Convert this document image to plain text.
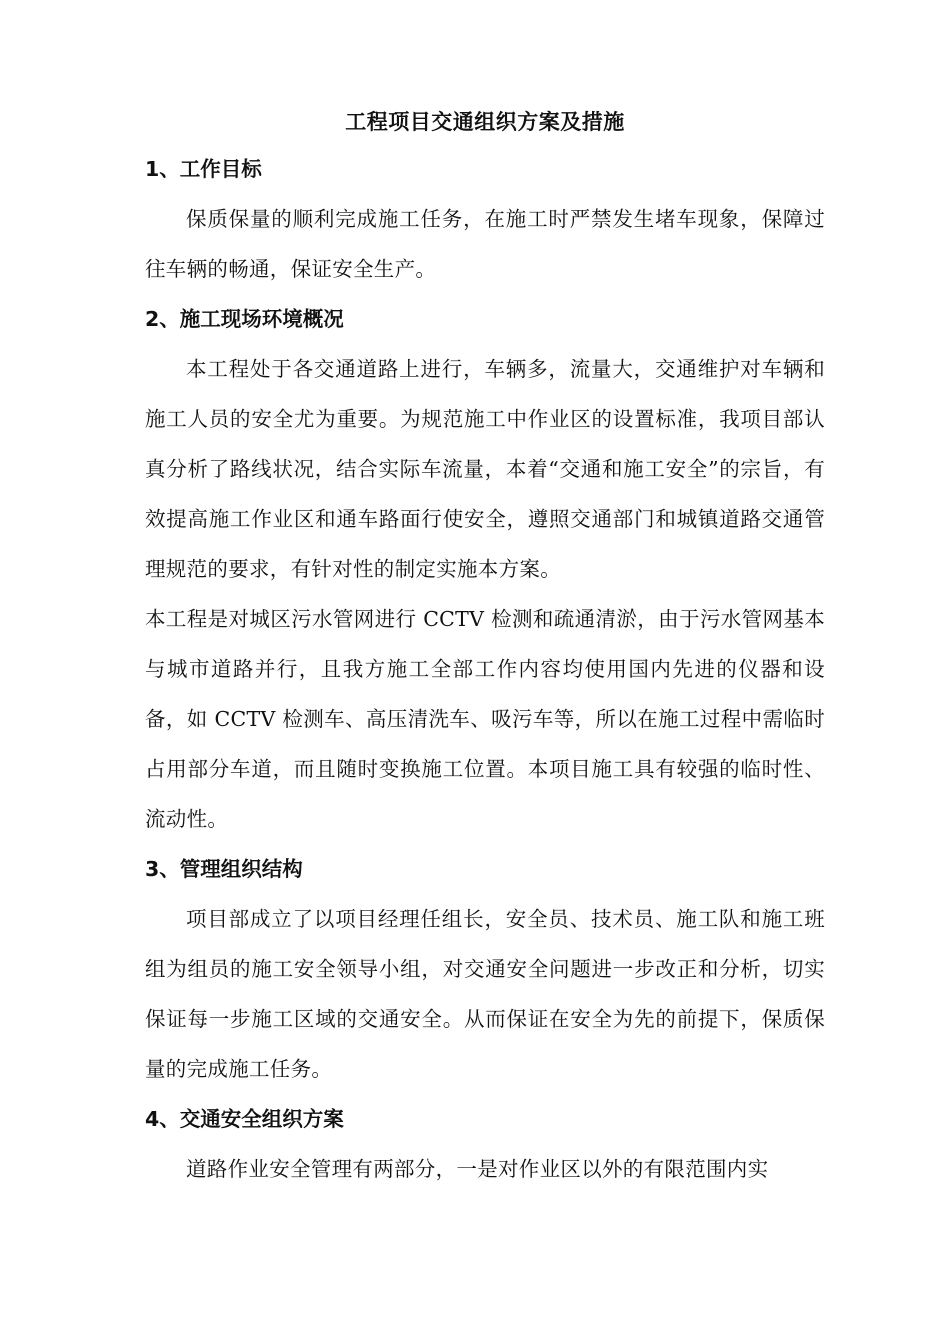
工程项目交通组织方案及措施
1、工作目标

保质保量的顺利完成施工任务，在施工时严禁发生堵车现象，保障过往车辆的畅通，保证安全生产。

2、施工现场环境概况

本工程处于各交通道路上进行，车辆多，流量大，交通维护对车辆和施工人员的安全尤为重要。为规范施工中作业区的设置标准，我项目部认真分析了路线状况，结合实际车流量，本着“交通和施工安全”的宗旨，有效提高施工作业区和通车路面行使安全，遵照交通部门和城镇道路交通管理规范的要求，有针对性的制定实施本方案。

本工程是对城区污水管网进行 CCTV 检测和疏通清淤，由于污水管网基本与城市道路并行，且我方施工全部工作内容均使用国内先进的仪器和设备，如 CCTV 检测车、高压清洗车、吸污车等，所以在施工过程中需临时占用部分车道，而且随时变换施工位置。本项目施工具有较强的临时性、流动性。

3、管理组织结构

项目部成立了以项目经理任组长，安全员、技术员、施工队和施工班组为组员的施工安全领导小组，对交通安全问题进一步改正和分析，切实保证每一步施工区域的交通安全。从而保证在安全为先的前提下，保质保量的完成施工任务。

4、交通安全组织方案

道路作业安全管理有两部分，一是对作业区以外的有限范围内实
